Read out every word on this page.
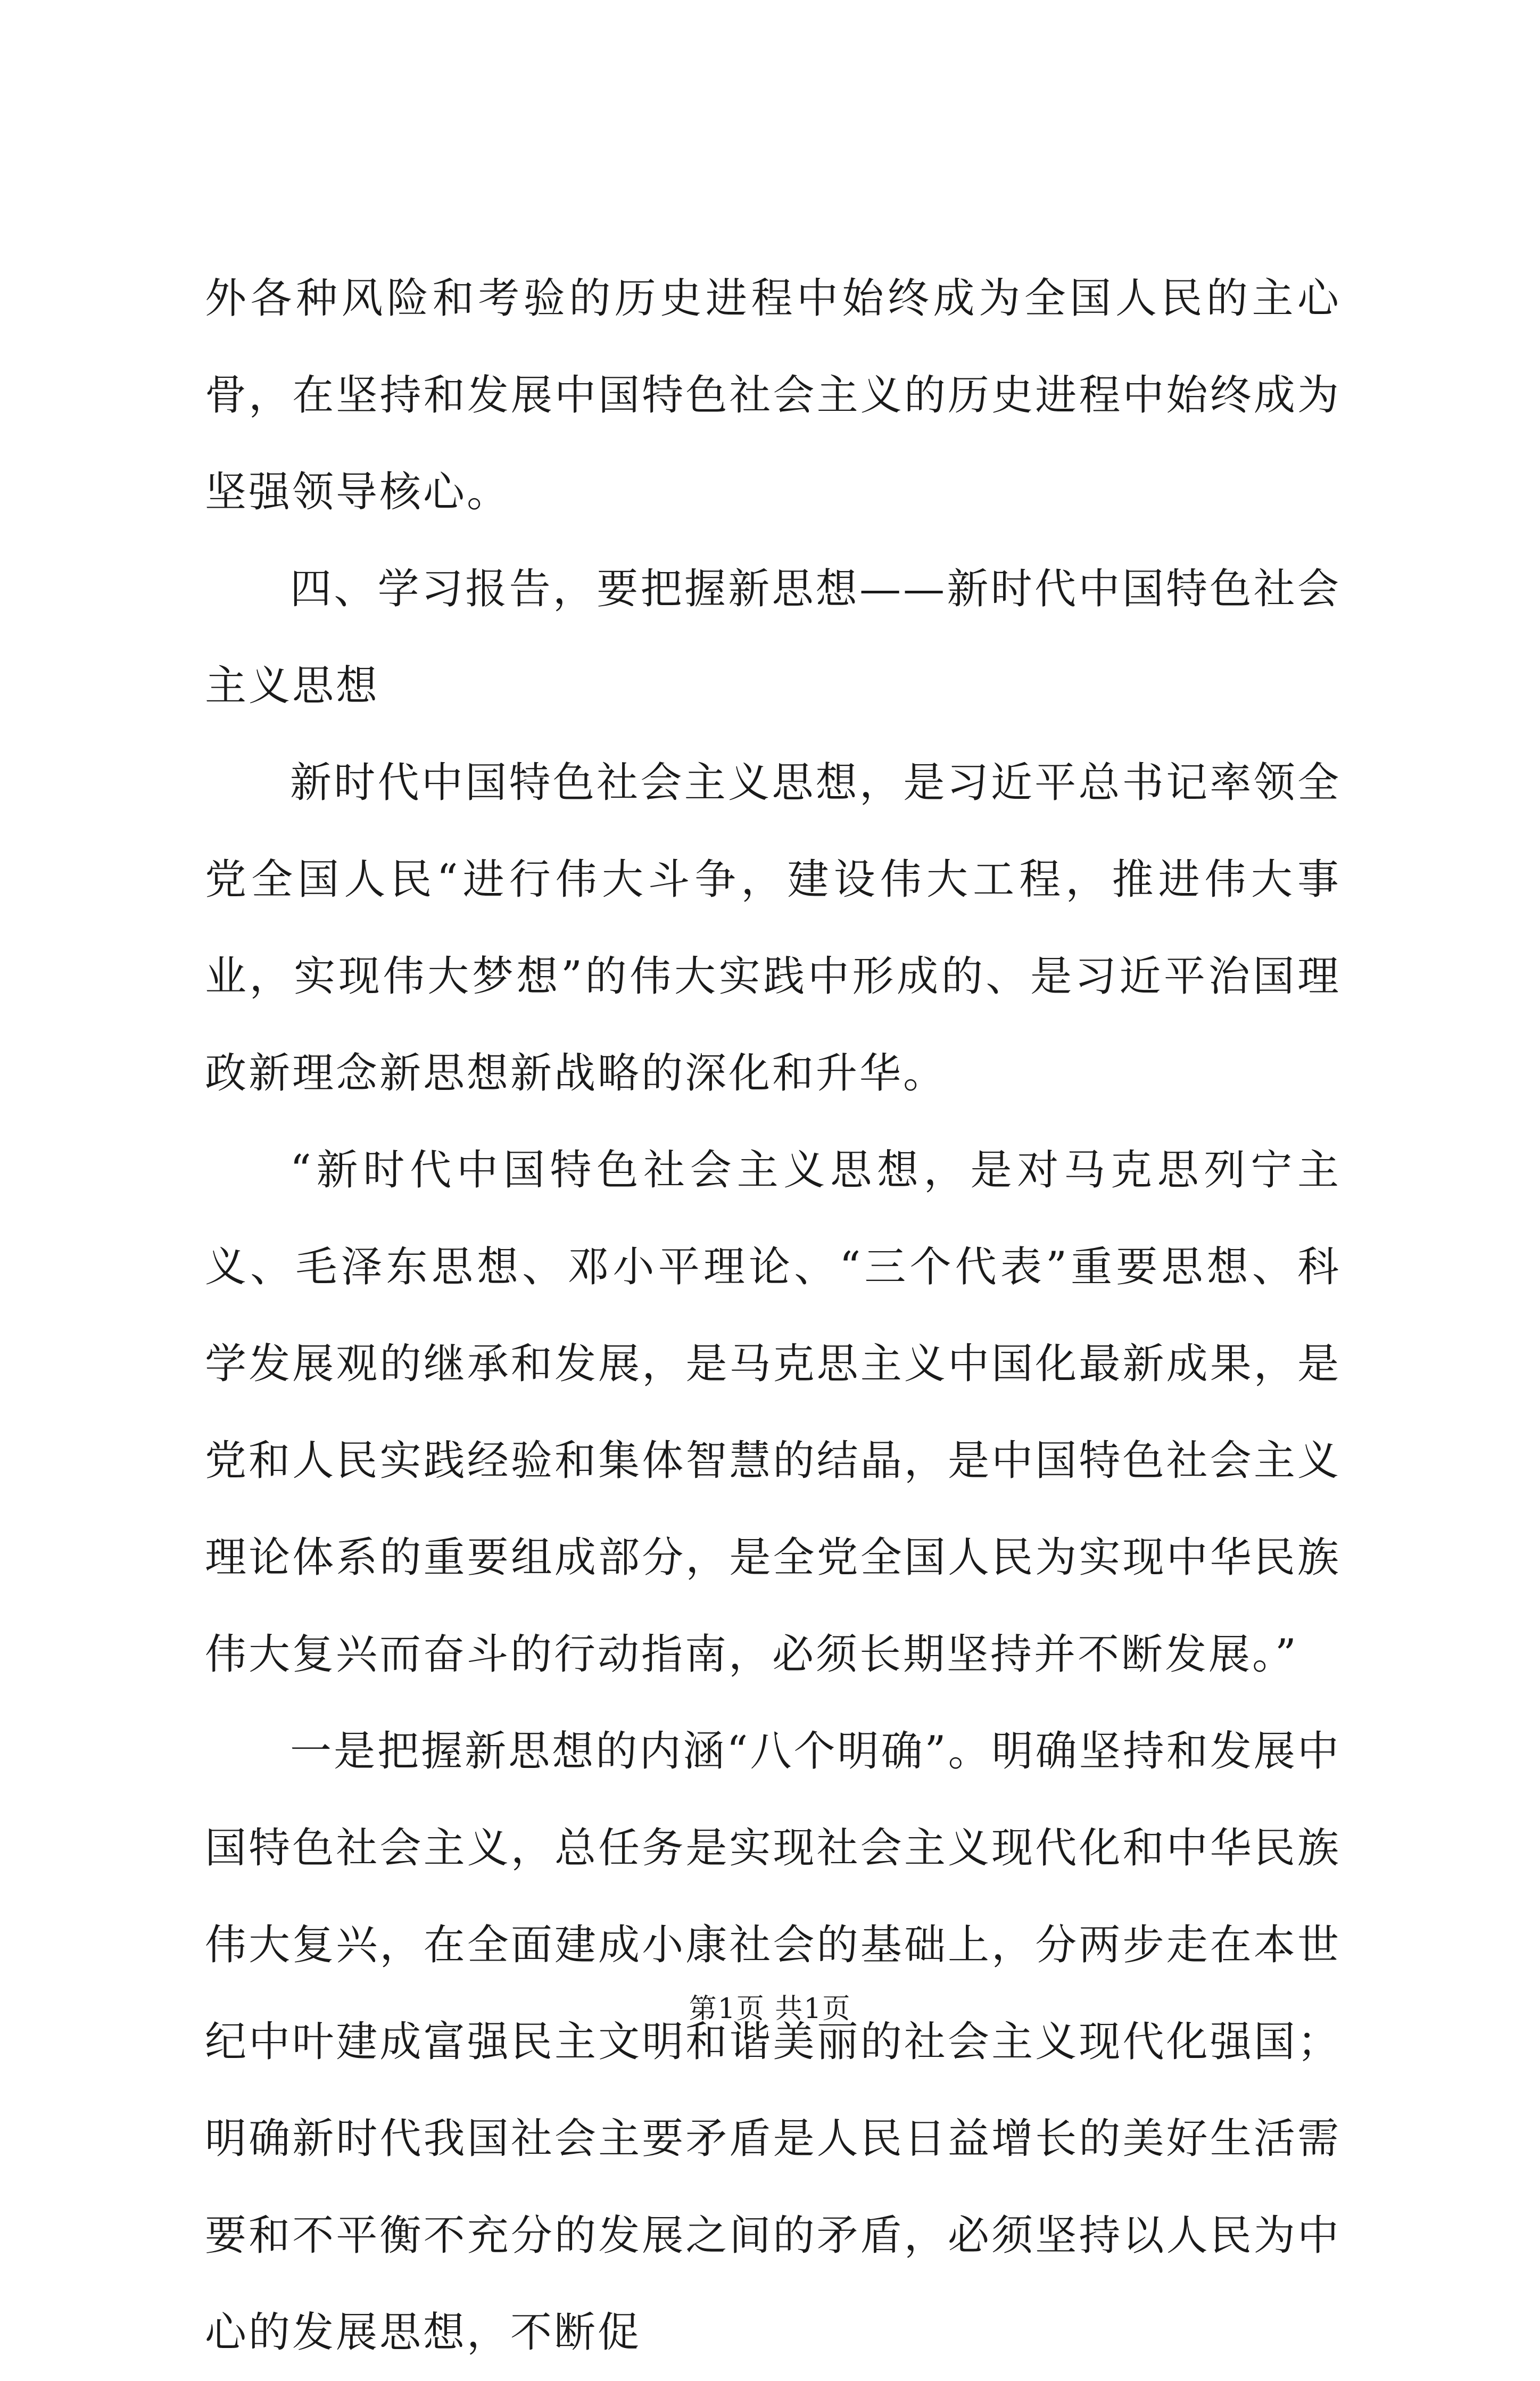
外各种风险和考验的历史进程中始终成为全国人民的主心骨，在坚持和发展中国特色社会主义的历史进程中始终成为坚强领导核心。

四、学习报告，要把握新思想——新时代中国特色社会主义思想

新时代中国特色社会主义思想，是习近平总书记率领全党全国人民“进行伟大斗争，建设伟大工程，推进伟大事业，实现伟大梦想”的伟大实践中形成的、是习近平治国理政新理念新思想新战略的深化和升华。

“新时代中国特色社会主义思想，是对马克思列宁主义、毛泽东思想、邓小平理论、“三个代表”重要思想、科学发展观的继承和发展，是马克思主义中国化最新成果，是党和人民实践经验和集体智慧的结晶，是中国特色社会主义理论体系的重要组成部分，是全党全国人民为实现中华民族伟大复兴而奋斗的行动指南，必须长期坚持并不断发展。”

一是把握新思想的内涵“八个明确”。明确坚持和发展中国特色社会主义，总任务是实现社会主义现代化和中华民族伟大复兴，在全面建成小康社会的基础上，分两步走在本世纪中叶建成富强民主文明和谐美丽的社会主义现代化强国；明确新时代我国社会主要矛盾是人民日益增长的美好生活需要和不平衡不充分的发展之间的矛盾，必须坚持以人民为中心的发展思想，不断促

第1页 共1页
